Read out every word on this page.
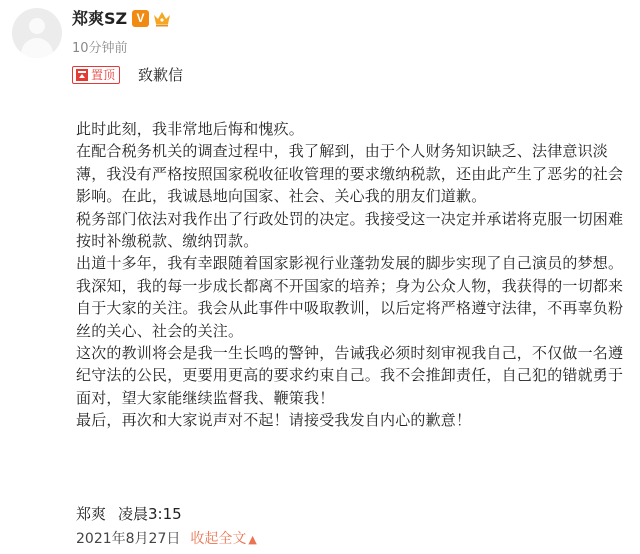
郑爽SZ V
10分钟前
置顶 致歉信

此时此刻，我非常地后悔和愧疚。

在配合税务机关的调查过程中，我了解到，由于个人财务知识缺乏、法律意识淡薄，我没有严格按照国家税收征收管理的要求缴纳税款，还由此产生了恶劣的社会影响。在此，我诚恳地向国家、社会、关心我的朋友们道歉。

税务部门依法对我作出了行政处罚的决定。我接受这一决定并承诺将克服一切困难按时补缴税款、缴纳罚款。

出道十多年，我有幸跟随着国家影视行业蓬勃发展的脚步实现了自己演员的梦想。我深知，我的每一步成长都离不开国家的培养；身为公众人物，我获得的一切都来自于大家的关注。我会从此事件中吸取教训，以后定将严格遵守法律，不再辜负粉丝的关心、社会的关注。

这次的教训将会是我一生长鸣的警钟，告诫我必须时刻审视我自己，不仅做一名遵纪守法的公民，更要用更高的要求约束自己。我不会推卸责任，自己犯的错就勇于面对，望大家能继续监督我、鞭策我！

最后，再次和大家说声对不起！请接受我发自内心的歉意！

郑爽 凌晨3:15
2021年8月27日 收起全文 ▲
